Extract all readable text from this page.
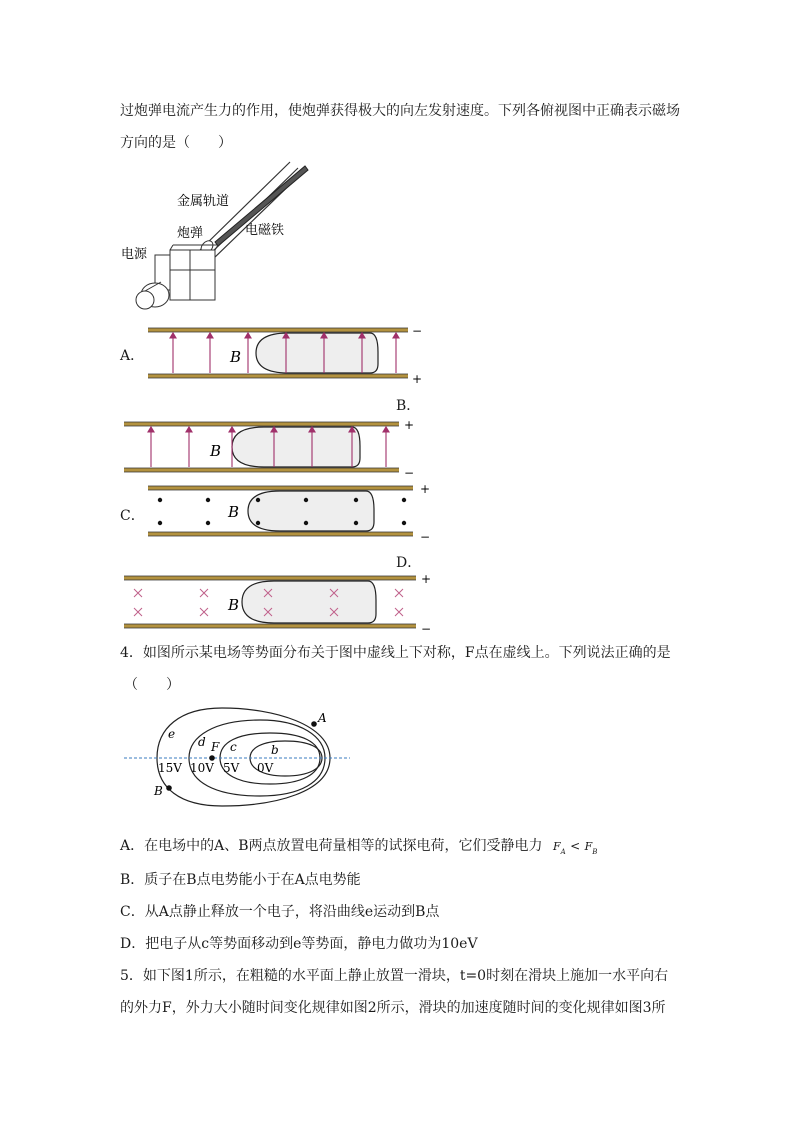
过炮弹电流产生力的作用，使炮弹获得极大的向左发射速度。下列各俯视图中正确表示磁场
方向的是（　　）
金属轨道
炮弹
电源
电磁铁
A．	B
−
+
B．
B
+
−
C．	B
+
−
D．
B
+
−
4．如图所示某电场等势面分布关于图中虚线上下对称，F点在虚线上。下列说法正确的是
（　　）
A
B
F
e
d c	b
15V 10V 5V 0V
A．在电场中的A、B两点放置电荷量相等的试探电荷，它们受静电力 $F_A < F_B$
B．质子在B点电势能小于在A点电势能
C．从A点静止释放一个电子，将沿曲线e运动到B点
D．把电子从c等势面移动到e等势面，静电力做功为10eV
5．如下图1所示，在粗糙的水平面上静止放置一滑块，t=0时刻在滑块上施加一水平向右
的外力F，外力大小随时间变化规律如图2所示，滑块的加速度随时间的变化规律如图3所
